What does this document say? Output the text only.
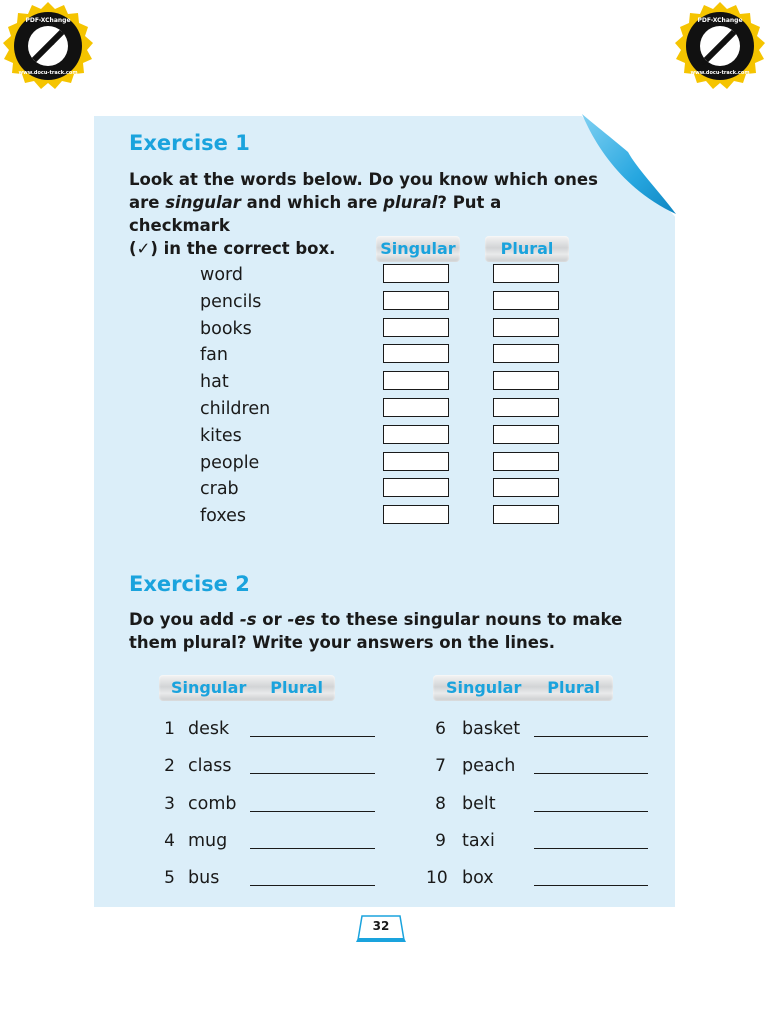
PDF-XChange
Click to buy NOW!
www.docu-track.com
PDF-XChange
Click to buy NOW!
www.docu-track.com
Exercise 1
Look at the words below. Do you know which ones
are singular and which are plural? Put a checkmark
(✓) in the correct box.	Singular	Plural
word
pencils
books
fan
hat
children
kites
people
crab
foxes
Exercise 2
Do you add -s or -es to these singular nouns to make
them plural? Write your answers on the lines.
Singular Plural	Singular Plural
1 desk
2 class
3 comb
4 mug
5 bus
6 basket
7 peach
8 belt
9 taxi
10 box
32
